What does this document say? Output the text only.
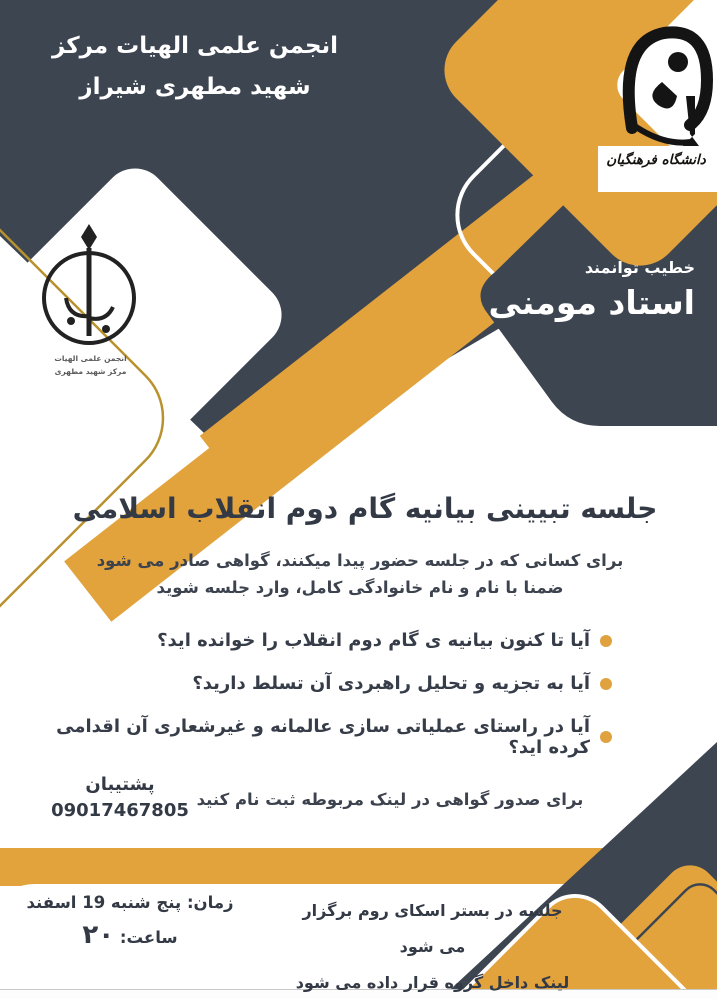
انجمن علمی الهیات مرکز
شهید مطهری شیراز
دانشگاه فرهنگیان
خطیب توانمند
استاد مومنی
انجمن علمی الهیات
مرکز شهید مطهری
جلسه تبیینی بیانیه گام دوم انقلاب اسلامی
برای کسانی که در جلسه حضور پیدا میکنند، گواهی صادر می شود
ضمنا با نام و نام خانوادگی کامل، وارد جلسه شوید
آیا تا کنون بیانیه ی گام دوم انقلاب را خوانده اید؟
آیا به تجزیه و تحلیل راهبردی آن تسلط دارید؟
آیا در راستای عملیاتی سازی عالمانه و غیرشعاری آن اقدامی کرده اید؟
پشتیبان
09017467805
برای صدور گواهی در لینک مربوطه ثبت نام کنید
زمان: پنج شنبه 19 اسفند
ساعت: ۲۰
جلسه در بستر اسکای روم برگزار می شود
لینک داخل گروه قرار داده می شود
